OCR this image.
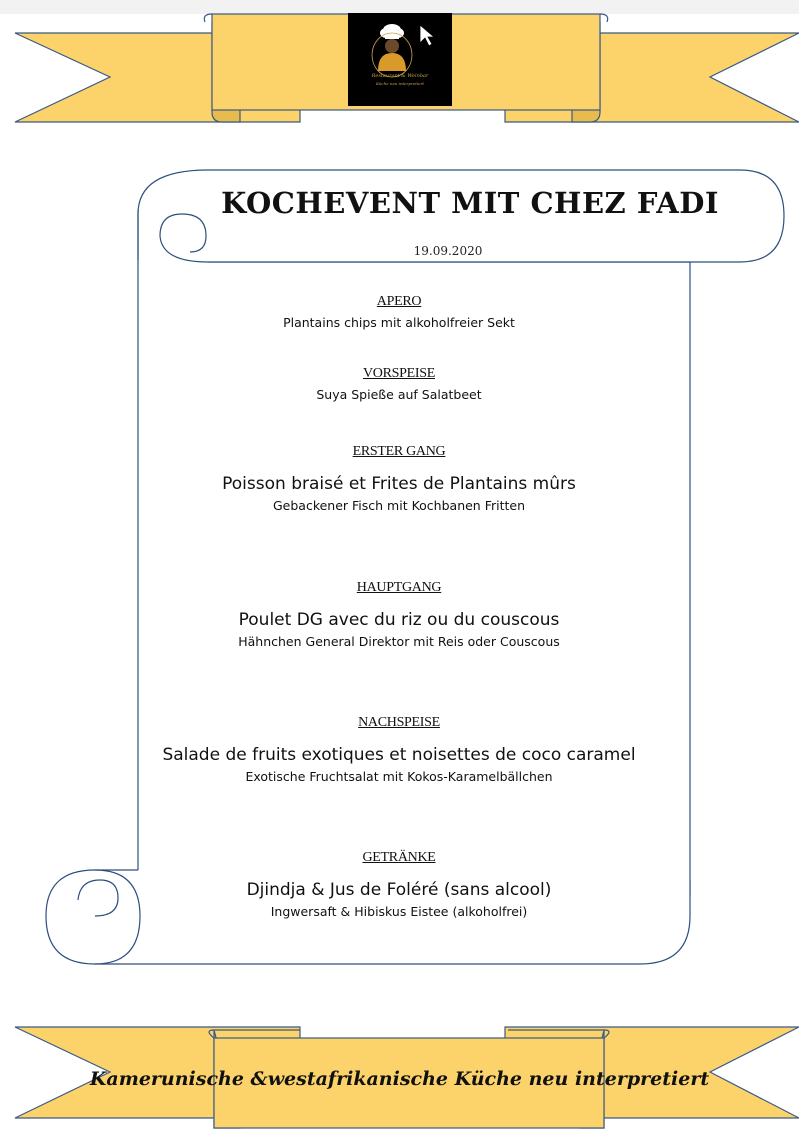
Restaurant & Weinbar
Küche neu interpretiert
KOCHEVENT MIT CHEZ FADI
19.09.2020
APERO
Plantains chips mit alkoholfreier Sekt
VORSPEISE
Suya Spieße auf Salatbeet
ERSTER GANG
Poisson braisé et Frites de Plantains mûrs
Gebackener Fisch mit Kochbanen Fritten
HAUPTGANG
Poulet DG avec du riz ou du couscous
Hähnchen General Direktor mit Reis oder Couscous
NACHSPEISE
Salade de fruits exotiques et noisettes de coco caramel
Exotische Fruchtsalat mit Kokos-Karamelbällchen
GETRÄNKE
Djindja & Jus de Foléré (sans alcool)
Ingwersaft & Hibiskus Eistee (alkoholfrei)
Kamerunische &westafrikanische Küche neu interpretiert
